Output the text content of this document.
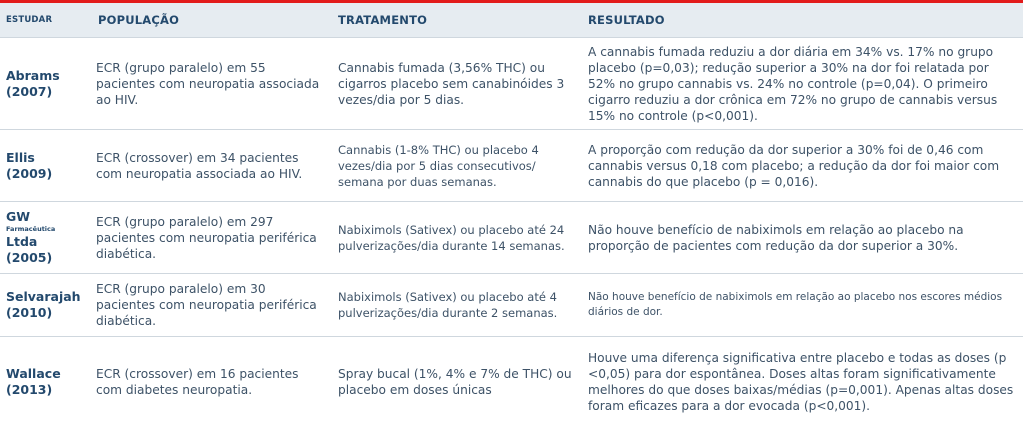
ESTUDAR		POPULAÇÃO	TRATAMENTO	RESULTADO
Abrams
(2007)		ECR (grupo paralelo) em 55 pacientes com neuropatia associada ao HIV.	Cannabis fumada (3,56% THC) ou cigarros placebo sem canabinóides 3 vezes/dia por 5 dias.	A cannabis fumada reduziu a dor diária em 34% vs. 17% no grupo placebo (p=0,03); redução superior a 30% na dor foi relatada por 52% no grupo cannabis vs. 24% no controle (p=0,04). O primeiro cigarro reduziu a dor crônica em 72% no grupo de cannabis versus 15% no controle (p<0,001).
Ellis
(2009)		ECR (crossover) em 34 pacientes com neuropatia associada ao HIV.	Cannabis (1-8% THC) ou placebo 4 vezes/dia por 5 dias consecutivos/ semana por duas semanas.	A proporção com redução da dor superior a 30% foi de 0,46 com cannabis versus 0,18 com placebo; a redução da dor foi maior com cannabis do que placebo (p = 0,016).
GW
Farmacêutica
Ltda (2005)		ECR (grupo paralelo) em 297 pacientes com neuropatia periférica diabética.	Nabiximols (Sativex) ou placebo até 24 pulverizações/dia durante 14 semanas.	Não houve benefício de nabiximols em relação ao placebo na proporção de pacientes com redução da dor superior a 30%.
Selvarajah
(2010)		ECR (grupo paralelo) em 30 pacientes com neuropatia periférica diabética.	Nabiximols (Sativex) ou placebo até 4 pulverizações/dia durante 2 semanas.	Não houve benefício de nabiximols em relação ao placebo nos escores médios diários de dor.
Wallace
(2013)		ECR (crossover) em 16 pacientes com diabetes neuropatia.	Spray bucal (1%, 4% e 7% de THC) ou placebo em doses únicas	Houve uma diferença significativa entre placebo e todas as doses (p <0,05) para dor espontânea. Doses altas foram significativamente melhores do que doses baixas/médias (p=0,001). Apenas altas doses foram eficazes para a dor evocada (p<0,001).
